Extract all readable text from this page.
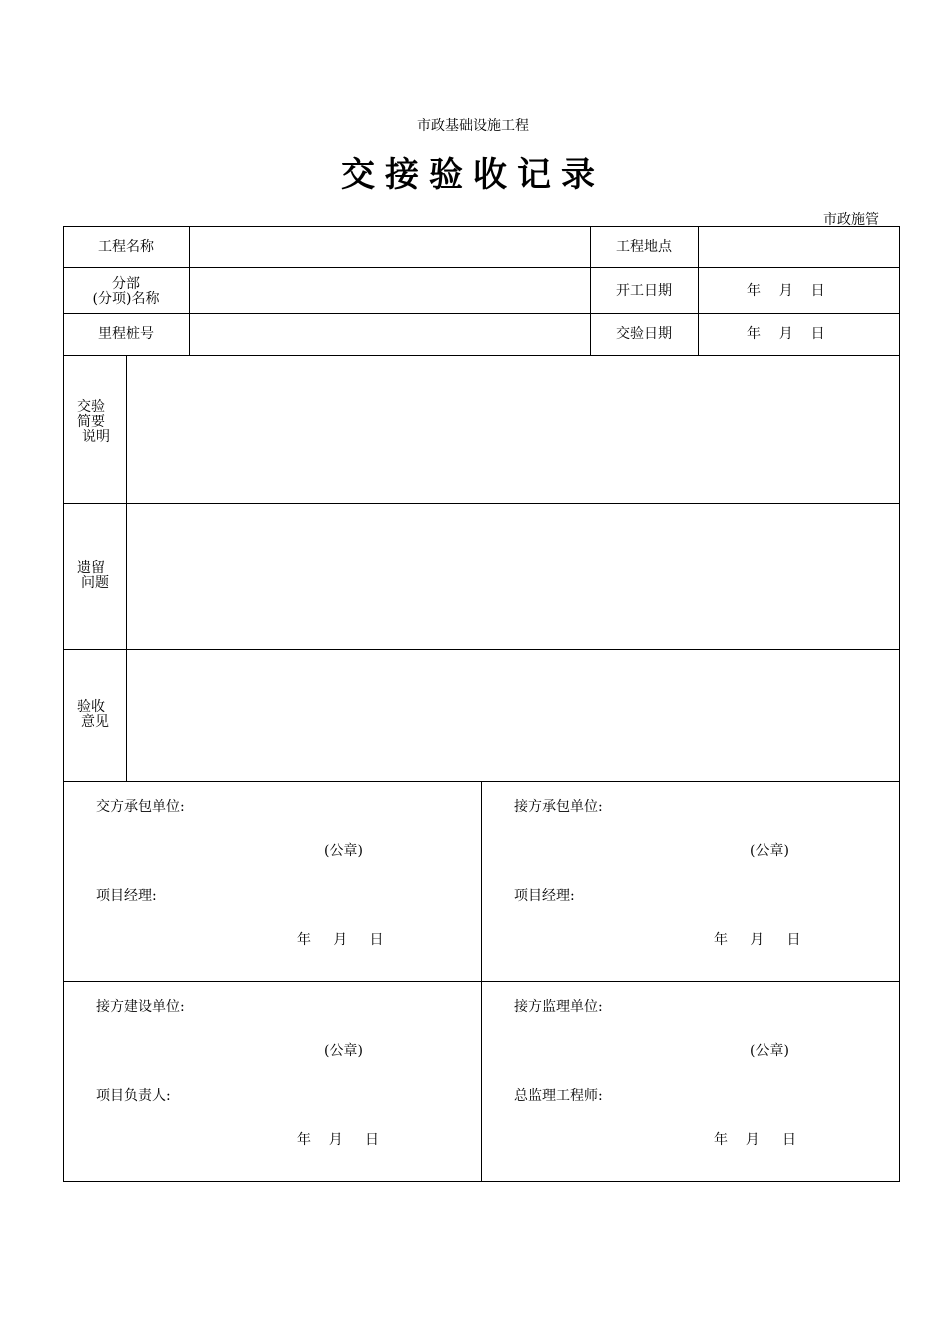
市政基础设施工程
交接验收记录
市政施管
工程名称	工程地点
分部
(分项)名称	开工日期	年    月    日
里程桩号	交验日期	年    月    日
交验
简要
说明
遗留
问题
验收
意见
交方承包单位:
(公章)
项目经理:
年     月     日
接方承包单位:
(公章)
项目经理:
年     月     日
接方建设单位:
(公章)
项目负责人:
年    月     日
接方监理单位:
(公章)
总监理工程师:
年    月     日
